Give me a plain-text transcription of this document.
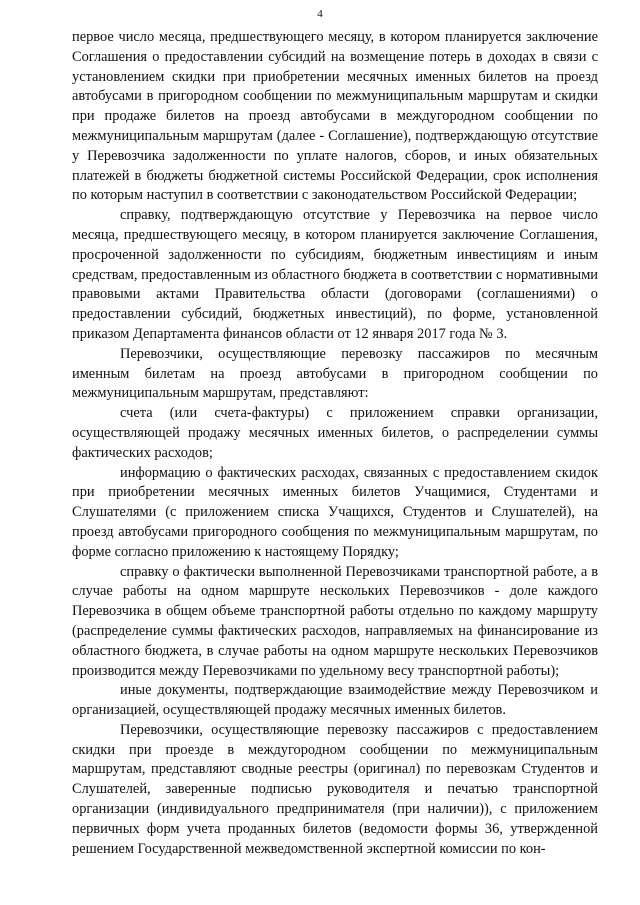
4

первое число месяца, предшествующего месяцу, в котором планируется заключение Соглашения о предоставлении субсидий на возмещение потерь в доходах в связи с установлением скидки при приобретении месячных именных билетов на проезд автобусами в пригородном сообщении по межмуниципальным маршрутам и скидки при продаже билетов на проезд автобусами в междугородном сообщении по межмуниципальным маршрутам (далее - Соглашение), подтверждающую отсутствие у Перевозчика задолженности по уплате налогов, сборов, и иных обязательных платежей в бюджеты бюджетной системы Российской Федерации, срок исполнения по которым наступил в соответствии с законодательством Российской Федерации;

справку, подтверждающую отсутствие у Перевозчика на первое число месяца, предшествующего месяцу, в котором планируется заключение Соглашения, просроченной задолженности по субсидиям, бюджетным инвестициям и иным средствам, предоставленным из областного бюджета в соответствии с нормативными правовыми актами Правительства области (договорами (соглашениями) о предоставлении субсидий, бюджетных инвестиций), по форме, установленной приказом Департамента финансов области от 12 января 2017 года № 3.

Перевозчики, осуществляющие перевозку пассажиров по месячным именным билетам на проезд автобусами в пригородном сообщении по межмуниципальным маршрутам, представляют:

счета (или счета-фактуры) с приложением справки организации, осуществляющей продажу месячных именных билетов, о распределении суммы фактических расходов;

информацию о фактических расходах, связанных с предоставлением скидок при приобретении месячных именных билетов Учащимися, Студентами и Слушателями (с приложением списка Учащихся, Студентов и Слушателей), на проезд автобусами пригородного сообщения по межмуниципальным маршрутам, по форме согласно приложению к настоящему Порядку;

справку о фактически выполненной Перевозчиками транспортной работе, а в случае работы на одном маршруте нескольких Перевозчиков - доле каждого Перевозчика в общем объеме транспортной работы отдельно по каждому маршруту (распределение суммы фактических расходов, направляемых на финансирование из областного бюджета, в случае работы на одном маршруте нескольких Перевозчиков производится между Перевозчиками по удельному весу транспортной работы);

иные документы, подтверждающие взаимодействие между Перевозчиком и организацией, осуществляющей продажу месячных именных билетов.

Перевозчики, осуществляющие перевозку пассажиров с предоставлением скидки при проезде в междугородном сообщении по межмуниципальным маршрутам, представляют сводные реестры (оригинал) по перевозкам Студентов и Слушателей, заверенные подписью руководителя и печатью транспортной организации (индивидуального предпринимателя (при наличии)), с приложением первичных форм учета проданных билетов (ведомости формы 36, утвержденной решением Государственной межведомственной экспертной комиссии по кон-
